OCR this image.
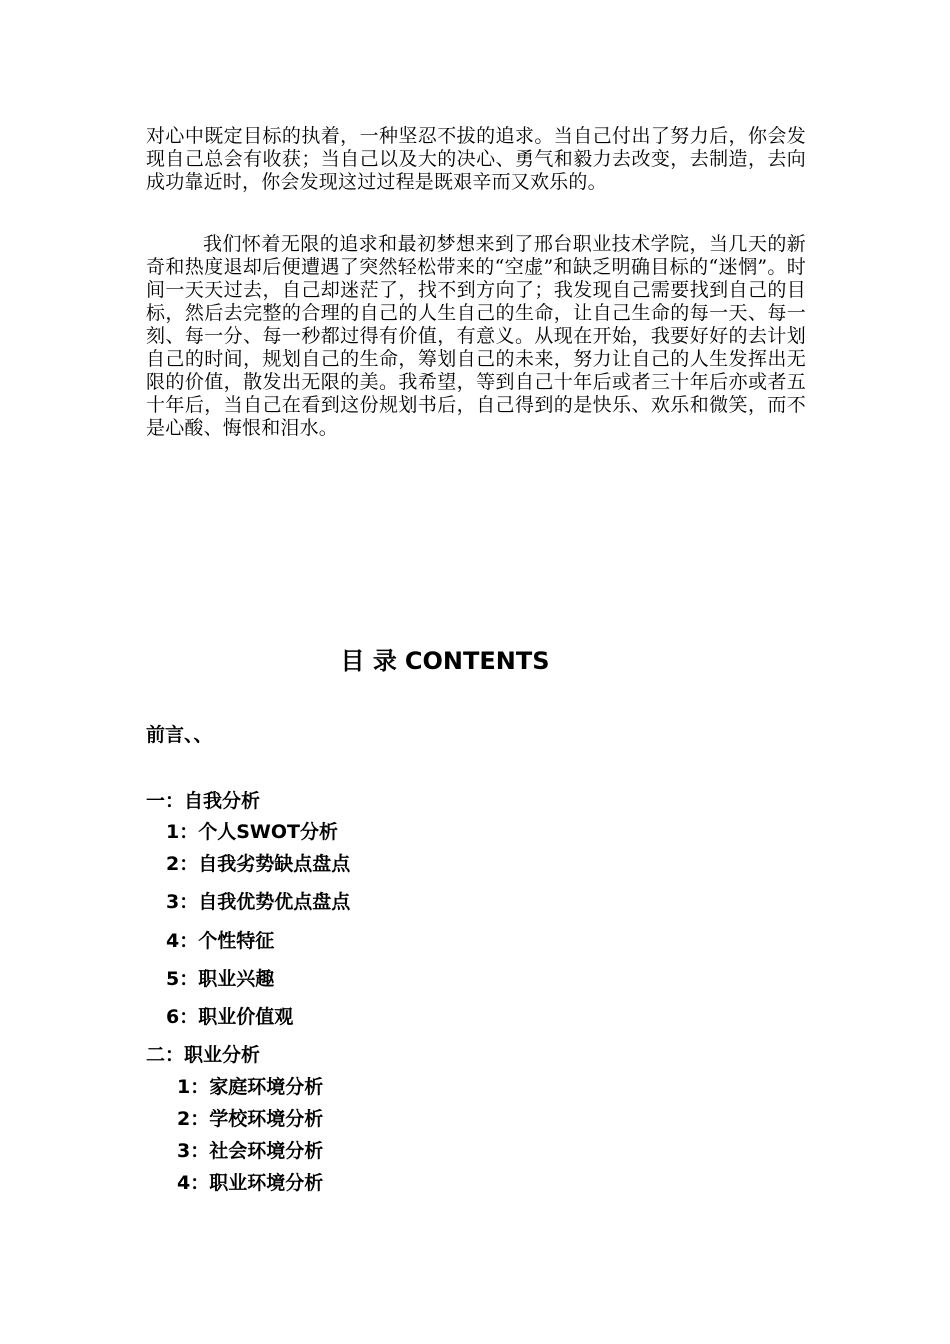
对心中既定目标的执着，一种坚忍不拔的追求。当自己付出了努力后，你会发现自己总会有收获；当自己以及大的决心、勇气和毅力去改变，去制造，去向成功靠近时，你会发现这过过程是既艰辛而又欢乐的。

我们怀着无限的追求和最初梦想来到了邢台职业技术学院，当几天的新奇和热度退却后便遭遇了突然轻松带来的“空虚”和缺乏明确目标的“迷惘”。时间一天天过去，自己却迷茫了，找不到方向了；我发现自己需要找到自己的目标，然后去完整的合理的自己的人生自己的生命，让自己生命的每一天、每一刻、每一分、每一秒都过得有价值，有意义。从现在开始，我要好好的去计划自己的时间，规划自己的生命，筹划自己的未来，努力让自己的人生发挥出无限的价值，散发出无限的美。我希望，等到自己十年后或者三十年后亦或者五十年后，当自己在看到这份规划书后，自己得到的是快乐、欢乐和微笑，而不是心酸、悔恨和泪水。

目 录 CONTENTS
前言、、
一：自我分析
1：个人SWOT分析
2：自我劣势缺点盘点
3：自我优势优点盘点
4：个性特征
5：职业兴趣
6：职业价值观
二：职业分析
1：家庭环境分析
2：学校环境分析
3：社会环境分析
4：职业环境分析
